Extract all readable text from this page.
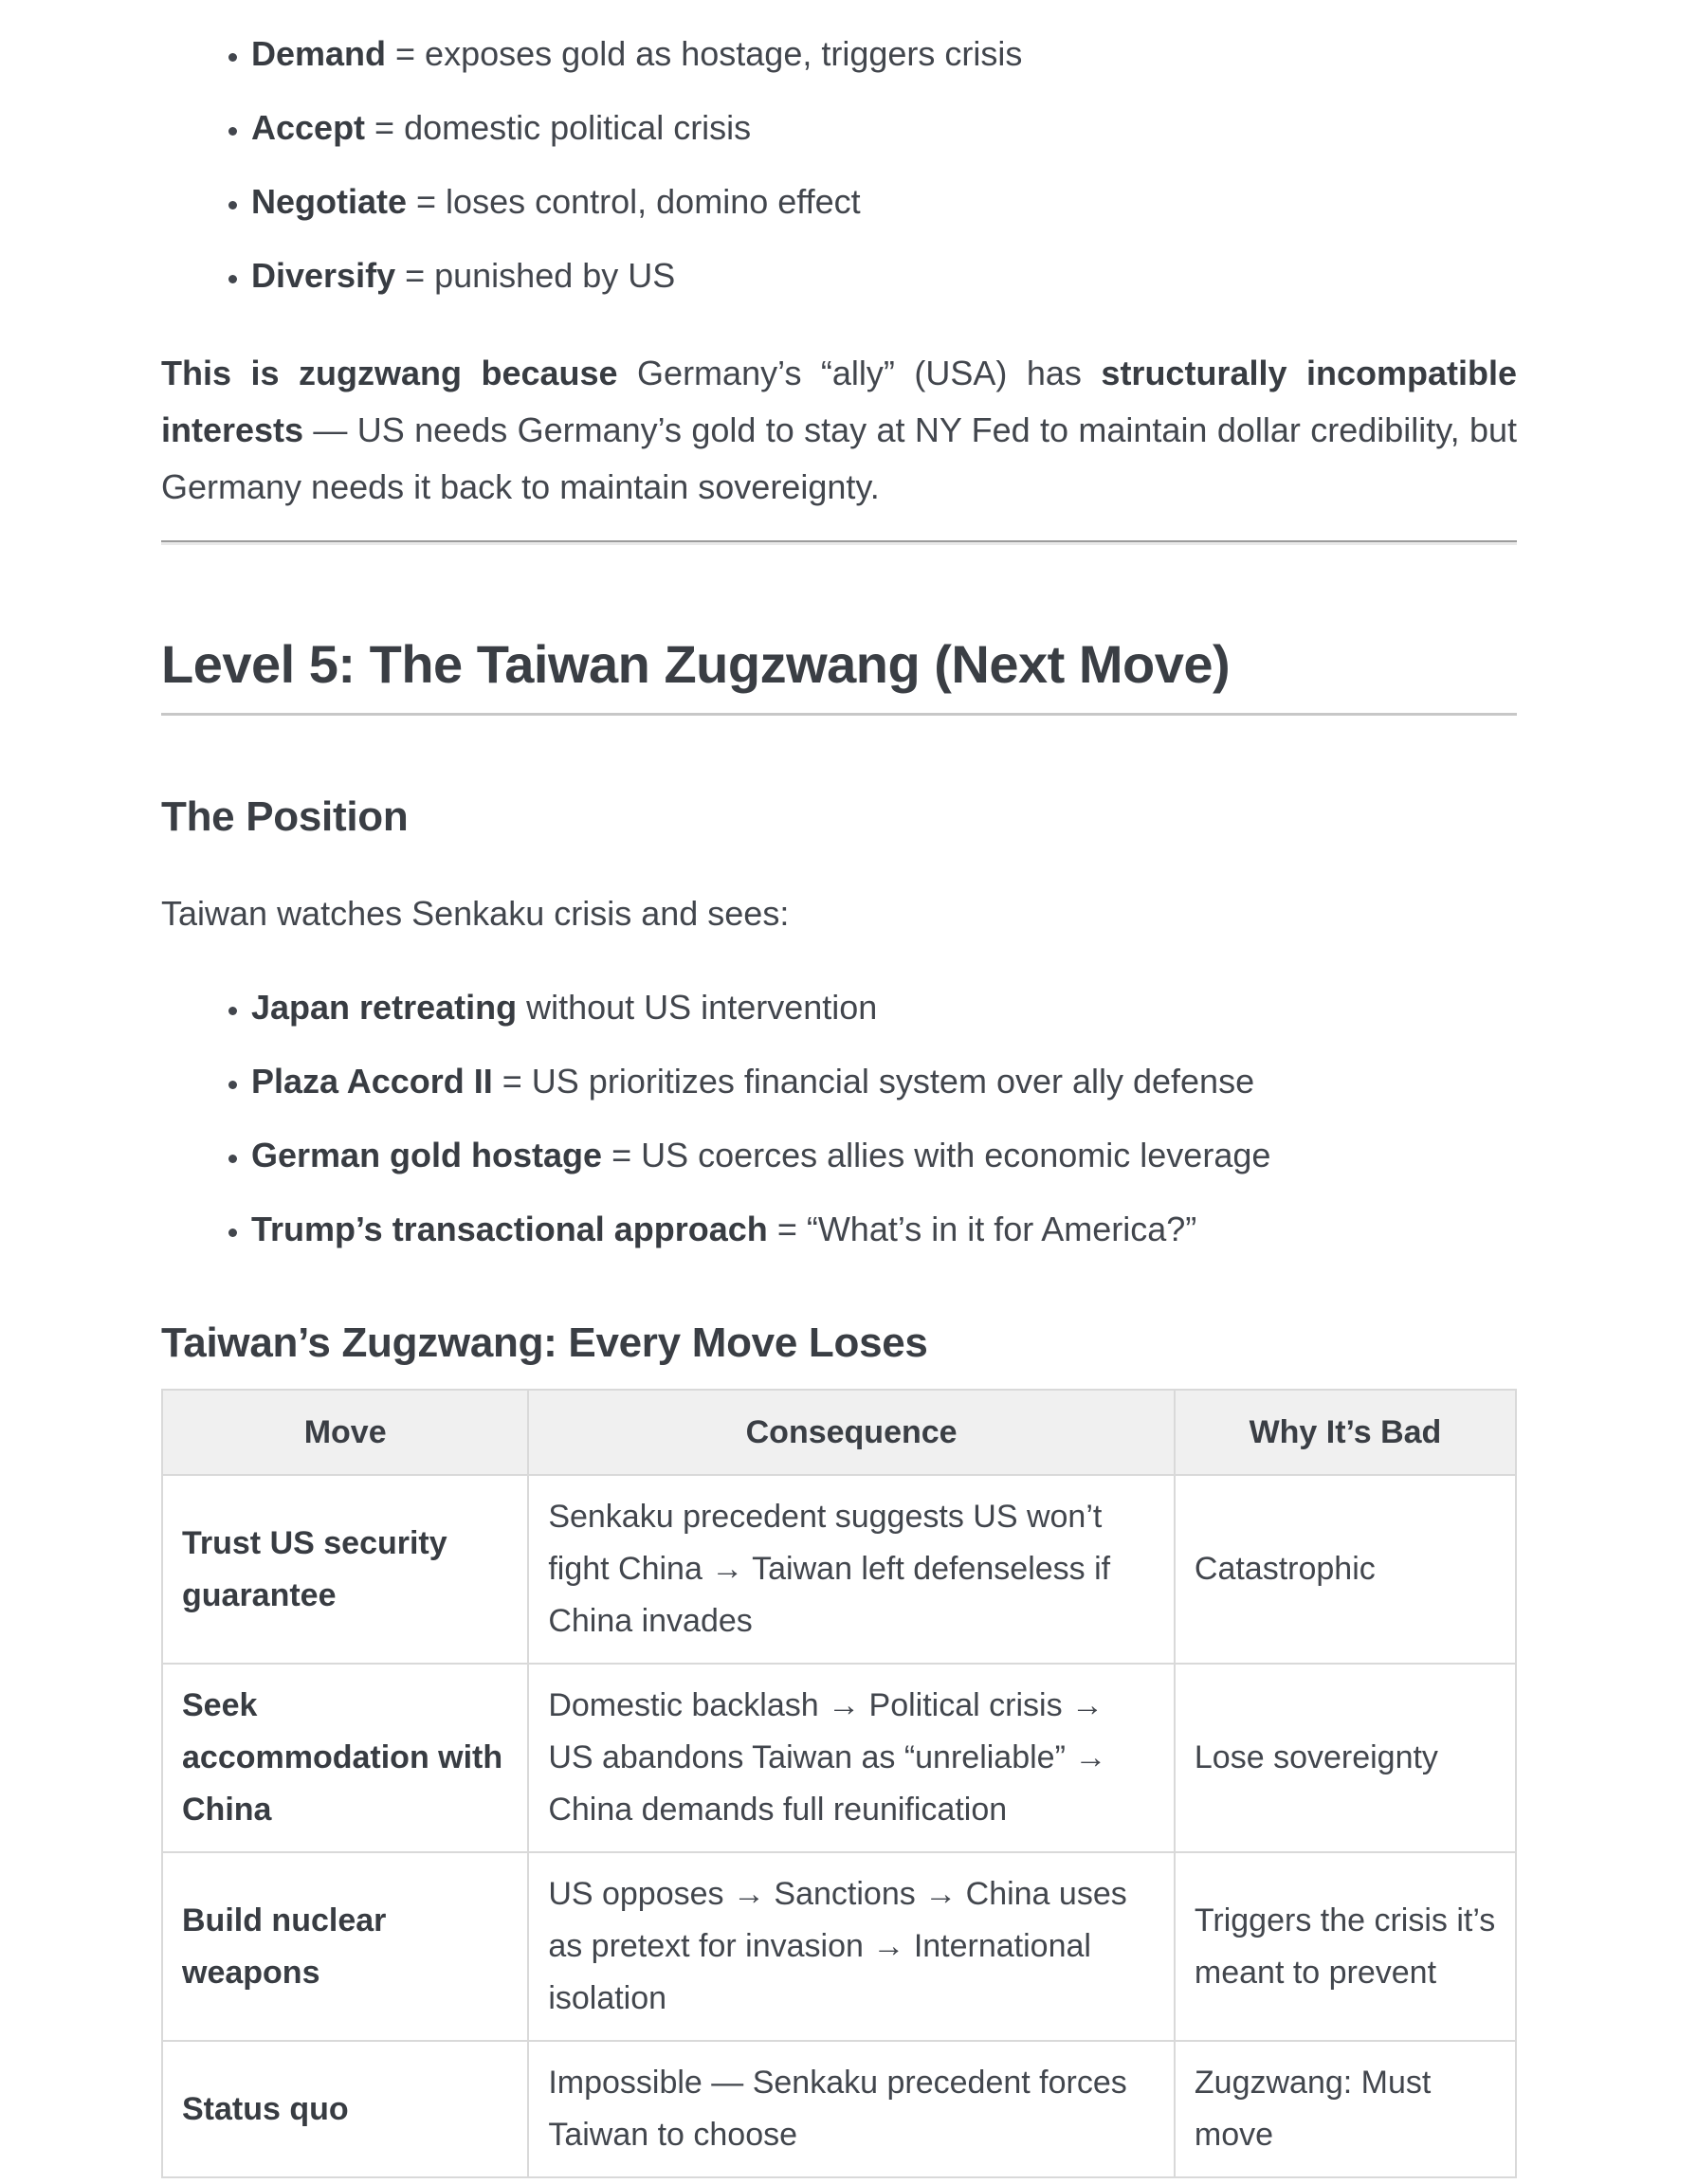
• Demand = exposes gold as hostage, triggers crisis
• Accept = domestic political crisis
• Negotiate = loses control, domino effect
• Diversify = punished by US

This is zugzwang because Germany’s “ally” (USA) has structurally incompatible interests — US needs Germany’s gold to stay at NY Fed to maintain dollar credibility, but Germany needs it back to maintain sovereignty.

Level 5: The Taiwan Zugzwang (Next Move)
The Position

Taiwan watches Senkaku crisis and sees:

• Japan retreating without US intervention
• Plaza Accord II = US prioritizes financial system over ally defense
• German gold hostage = US coerces allies with economic leverage
• Trump’s transactional approach = “What’s in it for America?”
Taiwan’s Zugzwang: Every Move Loses
Move	Consequence	Why It’s Bad
Trust US security guarantee	Senkaku precedent suggests US won’t fight China → Taiwan left defenseless if China invades	Catastrophic
Seek accommodation with China	Domestic backlash → Political crisis → US abandons Taiwan as “unreliable” → China demands full reunification	Lose sovereignty
Build nuclear weapons	US opposes → Sanctions → China uses as pretext for invasion → International isolation	Triggers the crisis it’s meant to prevent
Status quo	Impossible — Senkaku precedent forces Taiwan to choose	Zugzwang: Must move
